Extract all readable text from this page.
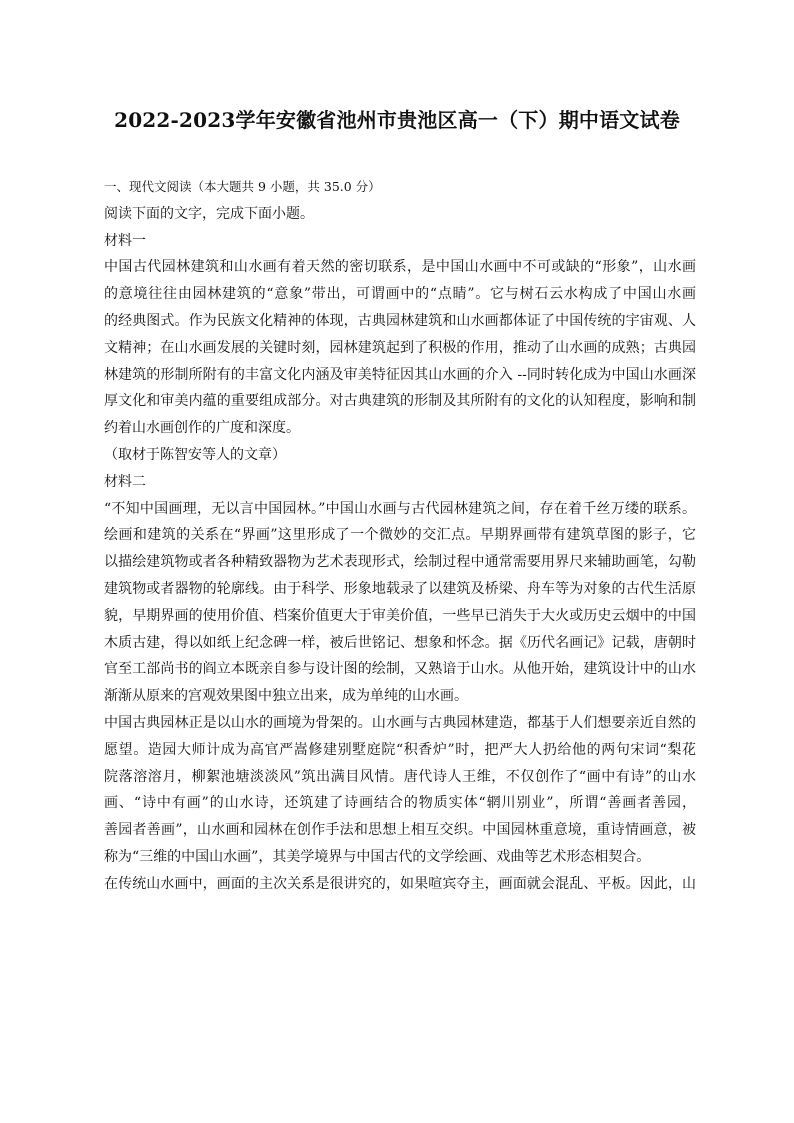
2022-2023学年安徽省池州市贵池区高一（下）期中语文试卷
一、现代文阅读（本大题共 9 小题，共 35.0 分）
阅读下面的文字，完成下面小题。
材料一
中国古代园林建筑和山水画有着天然的密切联系，是中国山水画中不可或缺的“形象”，山水画
的意境往往由园林建筑的“意象”带出，可谓画中的“点睛”。它与树石云水构成了中国山水画
的经典图式。作为民族文化精神的体现，古典园林建筑和山水画都体证了中国传统的宇宙观、人
文精神；在山水画发展的关键时刻，园林建筑起到了积极的作用，推动了山水画的成熟；古典园
林建筑的形制所附有的丰富文化内涵及审美特征因其山水画的介入 --同时转化成为中国山水画深
厚文化和审美内蕴的重要组成部分。对古典建筑的形制及其所附有的文化的认知程度，影响和制
约着山水画创作的广度和深度。
（取材于陈智安等人的文章）
材料二
“不知中国画理，无以言中国园林。”中国山水画与古代园林建筑之间，存在着千丝万缕的联系。
绘画和建筑的关系在“界画”这里形成了一个微妙的交汇点。早期界画带有建筑草图的影子，它
以描绘建筑物或者各种精致器物为艺术表现形式，绘制过程中通常需要用界尺来辅助画笔，勾勒
建筑物或者器物的轮廓线。由于科学、形象地载录了以建筑及桥梁、舟车等为对象的古代生活原
貌，早期界画的使用价值、档案价值更大于审美价值，一些早已消失于大火或历史云烟中的中国
木质古建，得以如纸上纪念碑一样，被后世铭记、想象和怀念。据《历代名画记》记载，唐朝时
官至工部尚书的阎立本既亲自参与设计图的绘制，又熟谙于山水。从他开始，建筑设计中的山水
渐渐从原来的宫观效果图中独立出来，成为单纯的山水画。
中国古典园林正是以山水的画境为骨架的。山水画与古典园林建造，都基于人们想要亲近自然的
愿望。造园大师计成为高官严嵩修建别墅庭院“积香炉”时，把严大人扔给他的两句宋词“梨花
院落溶溶月，柳絮池塘淡淡风”筑出满目风情。唐代诗人王维，不仅创作了“画中有诗”的山水
画、“诗中有画”的山水诗，还筑建了诗画结合的物质实体“辋川别业”，所谓“善画者善园，
善园者善画”，山水画和园林在创作手法和思想上相互交织。中国园林重意境，重诗情画意，被
称为“三维的中国山水画”，其美学境界与中国古代的文学绘画、戏曲等艺术形态相契合。
在传统山水画中，画面的主次关系是很讲究的，如果喧宾夺主，画面就会混乱、平板。因此，山
